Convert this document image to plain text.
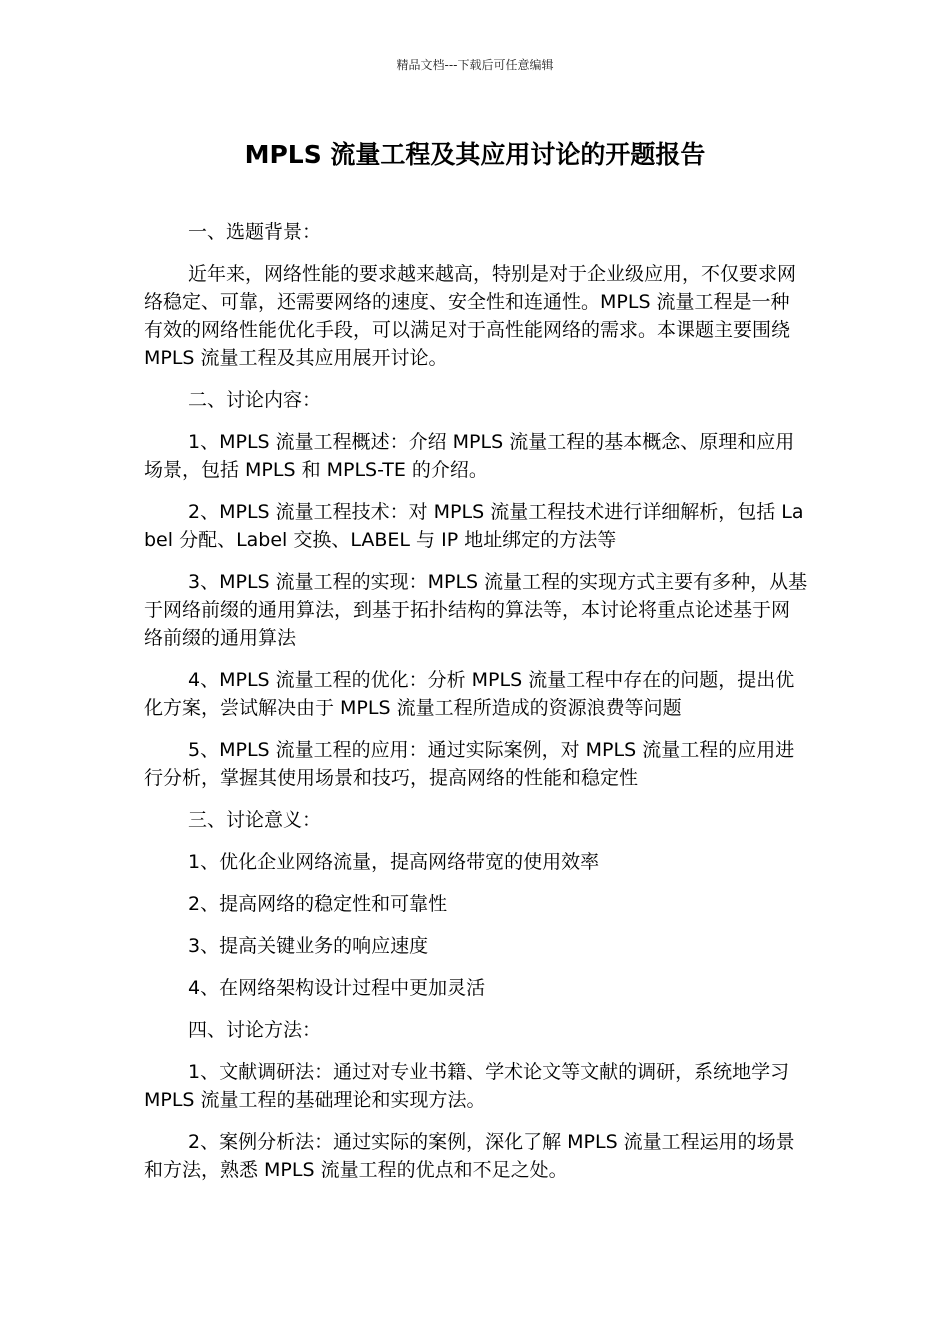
精品文档---下载后可任意编辑
MPLS 流量工程及其应用讨论的开题报告

一、选题背景：

近年来，网络性能的要求越来越高，特别是对于企业级应用，不仅要求网络稳定、可靠，还需要网络的速度、安全性和连通性。MPLS 流量工程是一种有效的网络性能优化手段，可以满足对于高性能网络的需求。本课题主要围绕 MPLS 流量工程及其应用展开讨论。

二、讨论内容：

1、MPLS 流量工程概述：介绍 MPLS 流量工程的基本概念、原理和应用场景，包括 MPLS 和 MPLS-TE 的介绍。

2、MPLS 流量工程技术：对 MPLS 流量工程技术进行详细解析，包括 Label 分配、Label 交换、LABEL 与 IP 地址绑定的方法等

3、MPLS 流量工程的实现：MPLS 流量工程的实现方式主要有多种，从基于网络前缀的通用算法，到基于拓扑结构的算法等，本讨论将重点论述基于网络前缀的通用算法

4、MPLS 流量工程的优化：分析 MPLS 流量工程中存在的问题，提出优化方案，尝试解决由于 MPLS 流量工程所造成的资源浪费等问题

5、MPLS 流量工程的应用：通过实际案例，对 MPLS 流量工程的应用进行分析，掌握其使用场景和技巧，提高网络的性能和稳定性

三、讨论意义：

1、优化企业网络流量，提高网络带宽的使用效率

2、提高网络的稳定性和可靠性

3、提高关键业务的响应速度

4、在网络架构设计过程中更加灵活

四、讨论方法：

1、文献调研法：通过对专业书籍、学术论文等文献的调研，系统地学习 MPLS 流量工程的基础理论和实现方法。

2、案例分析法：通过实际的案例，深化了解 MPLS 流量工程运用的场景和方法，熟悉 MPLS 流量工程的优点和不足之处。
